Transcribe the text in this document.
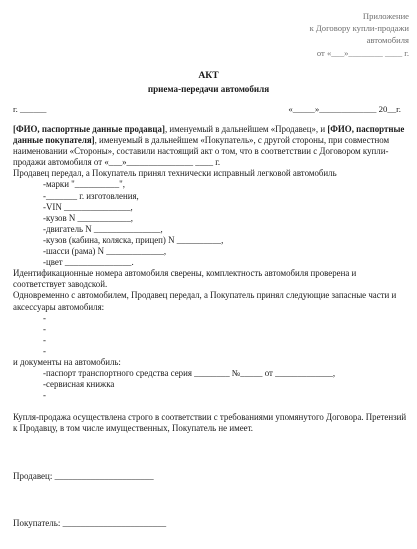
Приложение
к Договору купли-продажи
автомобиля
от «___»________ ____ г.
АКТ
приема-передачи автомобиля
г. ______	«_____»_____________ 20__г.

[ФИО, паспортные данные продавца], именуемый в дальнейшем «Продавец», и [ФИО, паспортные данные покупателя], именуемый в дальнейшем «Покупатель», с другой стороны, при совместном наименовании «Стороны», составили настоящий акт о том, что в соответствии с Договором купли-продажи автомобиля от «___»_______________ ____ г.

Продавец передал, а Покупатель принял технически исправный легковой автомобиль

-марки "__________",

-_______ г. изготовления,

-VIN _______________,

-кузов N ____________,

-двигатель N _______________,

-кузов (кабина, коляска, прицеп) N __________,

-шасси (рама) N _____________,

-цвет _______________.

Идентификационные номера автомобиля сверены, комплектность автомобиля проверена и соответствует заводской.

Одновременно с автомобилем, Продавец передал, а Покупатель принял следующие запасные части и аксессуары автомобиля:

-

-

-

-

и документы на автомобиль:

-паспорт транспортного средства серия ________ №_____ от _____________,

-сервисная книжка

-

Купля-продажа осуществлена строго в соответствии с требованиями упомянутого Договора. Претензий к Продавцу, в том числе имущественных, Покупатель не имеет.

Продавец: ______________________
Покупатель: _______________________
